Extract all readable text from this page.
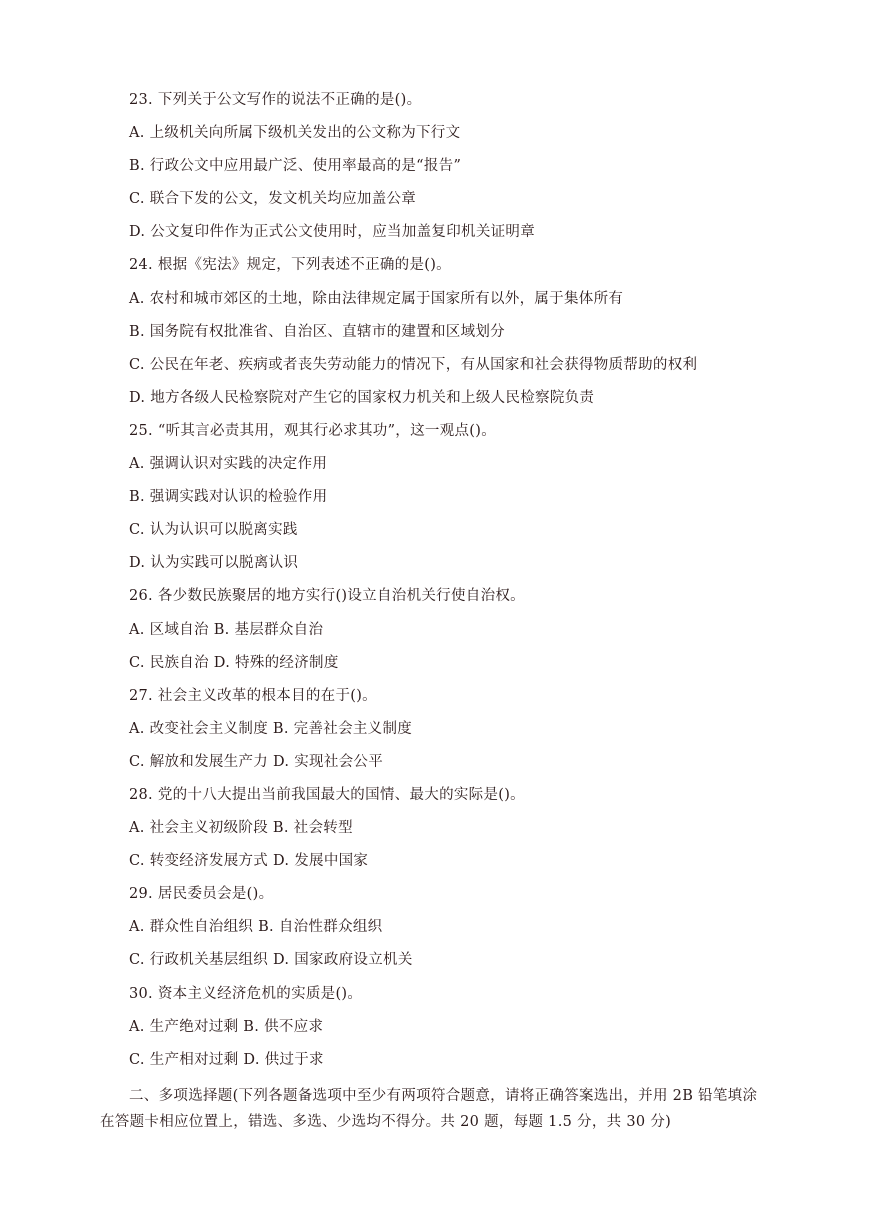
23. 下列关于公文写作的说法不正确的是()。
A. 上级机关向所属下级机关发出的公文称为下行文
B. 行政公文中应用最广泛、使用率最高的是“报告”
C. 联合下发的公文，发文机关均应加盖公章
D. 公文复印件作为正式公文使用时，应当加盖复印机关证明章
24. 根据《宪法》规定，下列表述不正确的是()。
A. 农村和城市郊区的土地，除由法律规定属于国家所有以外，属于集体所有
B. 国务院有权批准省、自治区、直辖市的建置和区域划分
C. 公民在年老、疾病或者丧失劳动能力的情况下，有从国家和社会获得物质帮助的权利
D. 地方各级人民检察院对产生它的国家权力机关和上级人民检察院负责
25. “听其言必责其用，观其行必求其功”，这一观点()。
A. 强调认识对实践的决定作用
B. 强调实践对认识的检验作用
C. 认为认识可以脱离实践
D. 认为实践可以脱离认识
26. 各少数民族聚居的地方实行()设立自治机关行使自治权。
A. 区域自治 B. 基层群众自治
C. 民族自治 D. 特殊的经济制度
27. 社会主义改革的根本目的在于()。
A. 改变社会主义制度 B. 完善社会主义制度
C. 解放和发展生产力 D. 实现社会公平
28. 党的十八大提出当前我国最大的国情、最大的实际是()。
A. 社会主义初级阶段 B. 社会转型
C. 转变经济发展方式 D. 发展中国家
29. 居民委员会是()。
A. 群众性自治组织 B. 自治性群众组织
C. 行政机关基层组织 D. 国家政府设立机关
30. 资本主义经济危机的实质是()。
A. 生产绝对过剩 B. 供不应求
C. 生产相对过剩 D. 供过于求
二、多项选择题(下列各题备选项中至少有两项符合题意，请将正确答案选出，并用 2B 铅笔填涂
在答题卡相应位置上，错选、多选、少选均不得分。共 20 题，每题 1.5 分，共 30 分)
